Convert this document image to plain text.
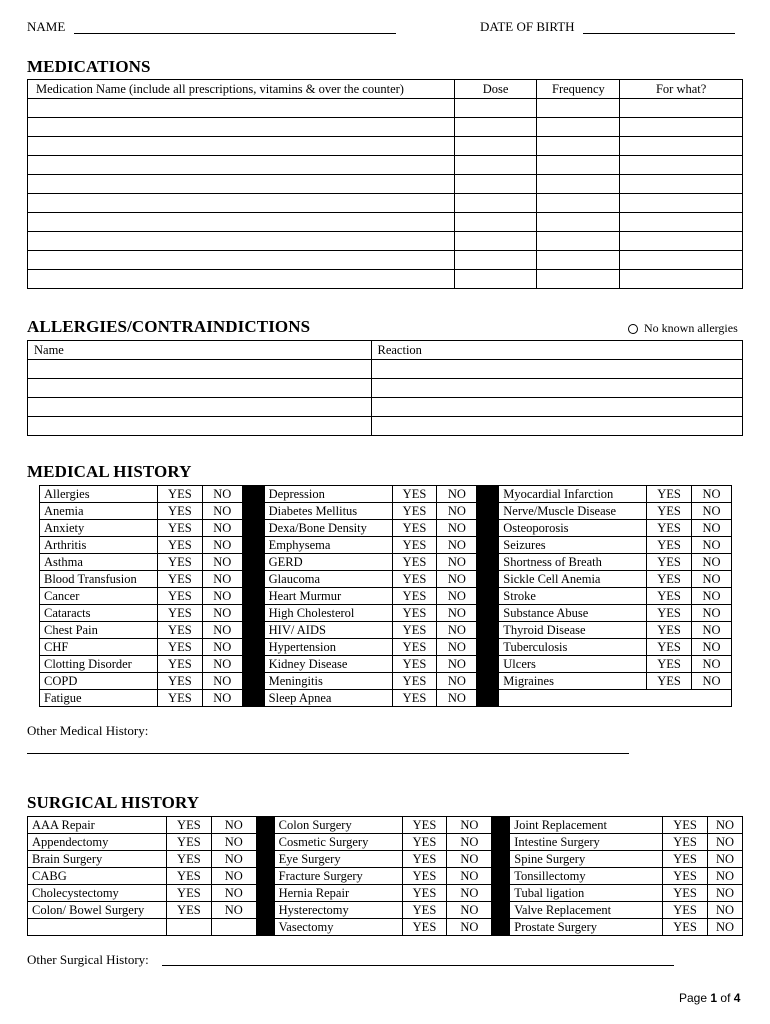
NAME	DATE OF BIRTH
MEDICATIONS
Medication Name (include all prescriptions, vitamins & over the counter)	Dose	Frequency	For what?

ALLERGIES/CONTRAINDICTIONS	No known allergies
Name	Reaction

MEDICAL HISTORY
Allergies	YES	NO		Depression	YES	NO		Myocardial Infarction	YES	NO
Anemia	YES	NO		Diabetes Mellitus	YES	NO		Nerve/Muscle Disease	YES	NO
Anxiety	YES	NO		Dexa/Bone Density	YES	NO		Osteoporosis	YES	NO
Arthritis	YES	NO		Emphysema	YES	NO		Seizures	YES	NO
Asthma	YES	NO		GERD	YES	NO		Shortness of Breath	YES	NO
Blood Transfusion	YES	NO		Glaucoma	YES	NO		Sickle Cell Anemia	YES	NO
Cancer	YES	NO		Heart Murmur	YES	NO		Stroke	YES	NO
Cataracts	YES	NO		High Cholesterol	YES	NO		Substance Abuse	YES	NO
Chest Pain	YES	NO		HIV/ AIDS	YES	NO		Thyroid Disease	YES	NO
CHF	YES	NO		Hypertension	YES	NO		Tuberculosis	YES	NO
Clotting Disorder	YES	NO		Kidney Disease	YES	NO		Ulcers	YES	NO
COPD	YES	NO		Meningitis	YES	NO		Migraines	YES	NO
Fatigue	YES	NO		Sleep Apnea	YES	NO				
Other Medical History:
SURGICAL HISTORY
AAA Repair	YES	NO		Colon Surgery	YES	NO		Joint Replacement	YES	NO
Appendectomy	YES	NO		Cosmetic Surgery	YES	NO		Intestine Surgery	YES	NO
Brain Surgery	YES	NO		Eye Surgery	YES	NO		Spine Surgery	YES	NO
CABG	YES	NO		Fracture Surgery	YES	NO		Tonsillectomy	YES	NO
Cholecystectomy	YES	NO		Hernia Repair	YES	NO		Tubal ligation	YES	NO
Colon/ Bowel Surgery	YES	NO		Hysterectomy	YES	NO		Valve Replacement	YES	NO
				Vasectomy	YES	NO		Prostate Surgery	YES	NO
Other Surgical History:
Page 1 of 4
